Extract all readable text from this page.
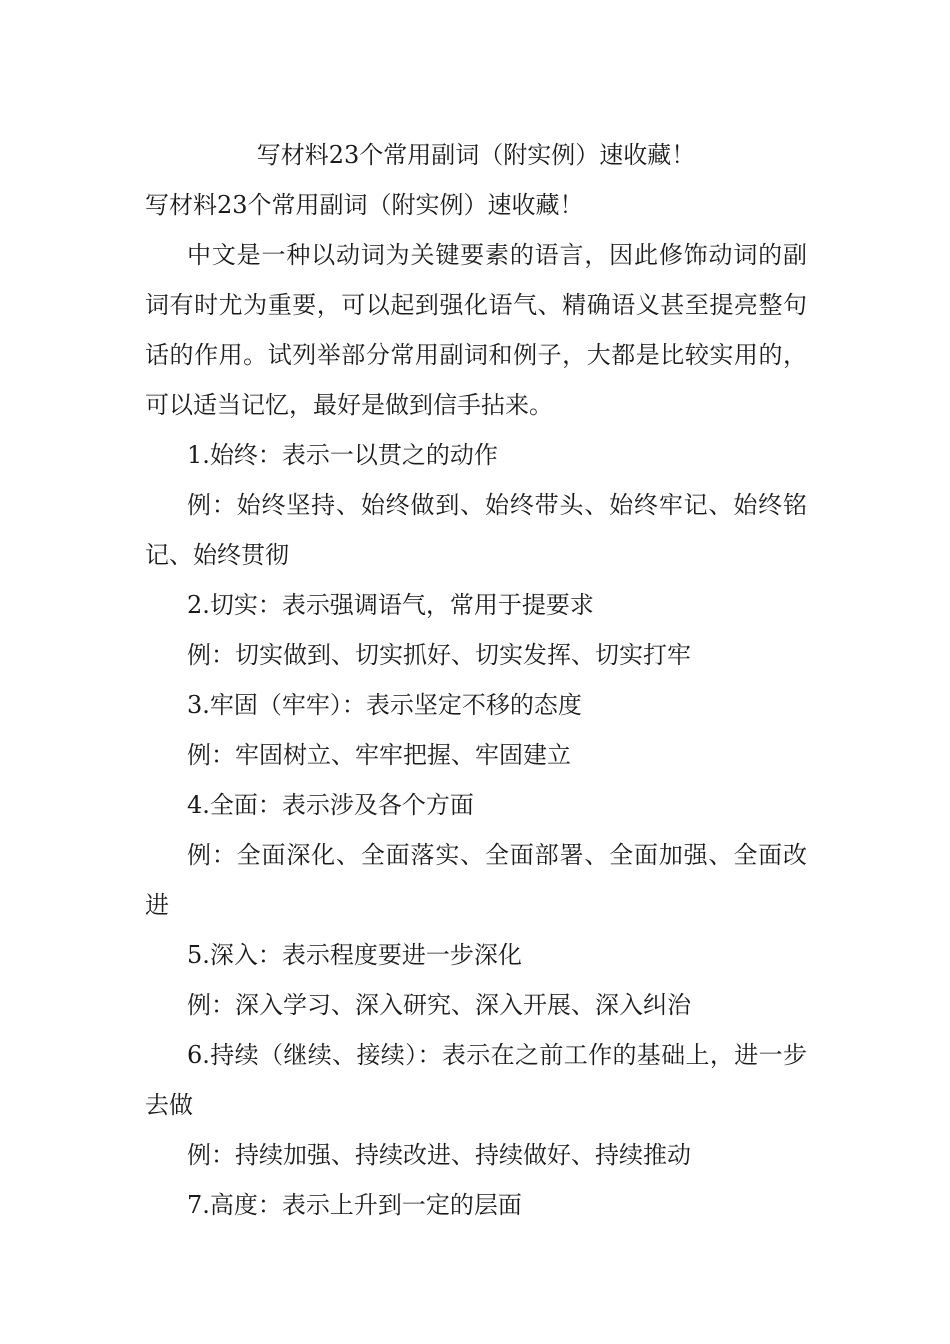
写材料23个常用副词（附实例）速收藏！
写材料23个常用副词（附实例）速收藏！

中文是一种以动词为关键要素的语言，因此修饰动词的副词有时尤为重要，可以起到强化语气、精确语义甚至提亮整句话的作用。试列举部分常用副词和例子，大都是比较实用的，可以适当记忆，最好是做到信手拈来。

1.始终：表示一以贯之的动作

例：始终坚持、始终做到、始终带头、始终牢记、始终铭记、始终贯彻

2.切实：表示强调语气，常用于提要求

例：切实做到、切实抓好、切实发挥、切实打牢

3.牢固（牢牢）：表示坚定不移的态度

例：牢固树立、牢牢把握、牢固建立

4.全面：表示涉及各个方面

例：全面深化、全面落实、全面部署、全面加强、全面改进

5.深入：表示程度要进一步深化

例：深入学习、深入研究、深入开展、深入纠治

6.持续（继续、接续）：表示在之前工作的基础上，进一步去做

例：持续加强、持续改进、持续做好、持续推动

7.高度：表示上升到一定的层面
